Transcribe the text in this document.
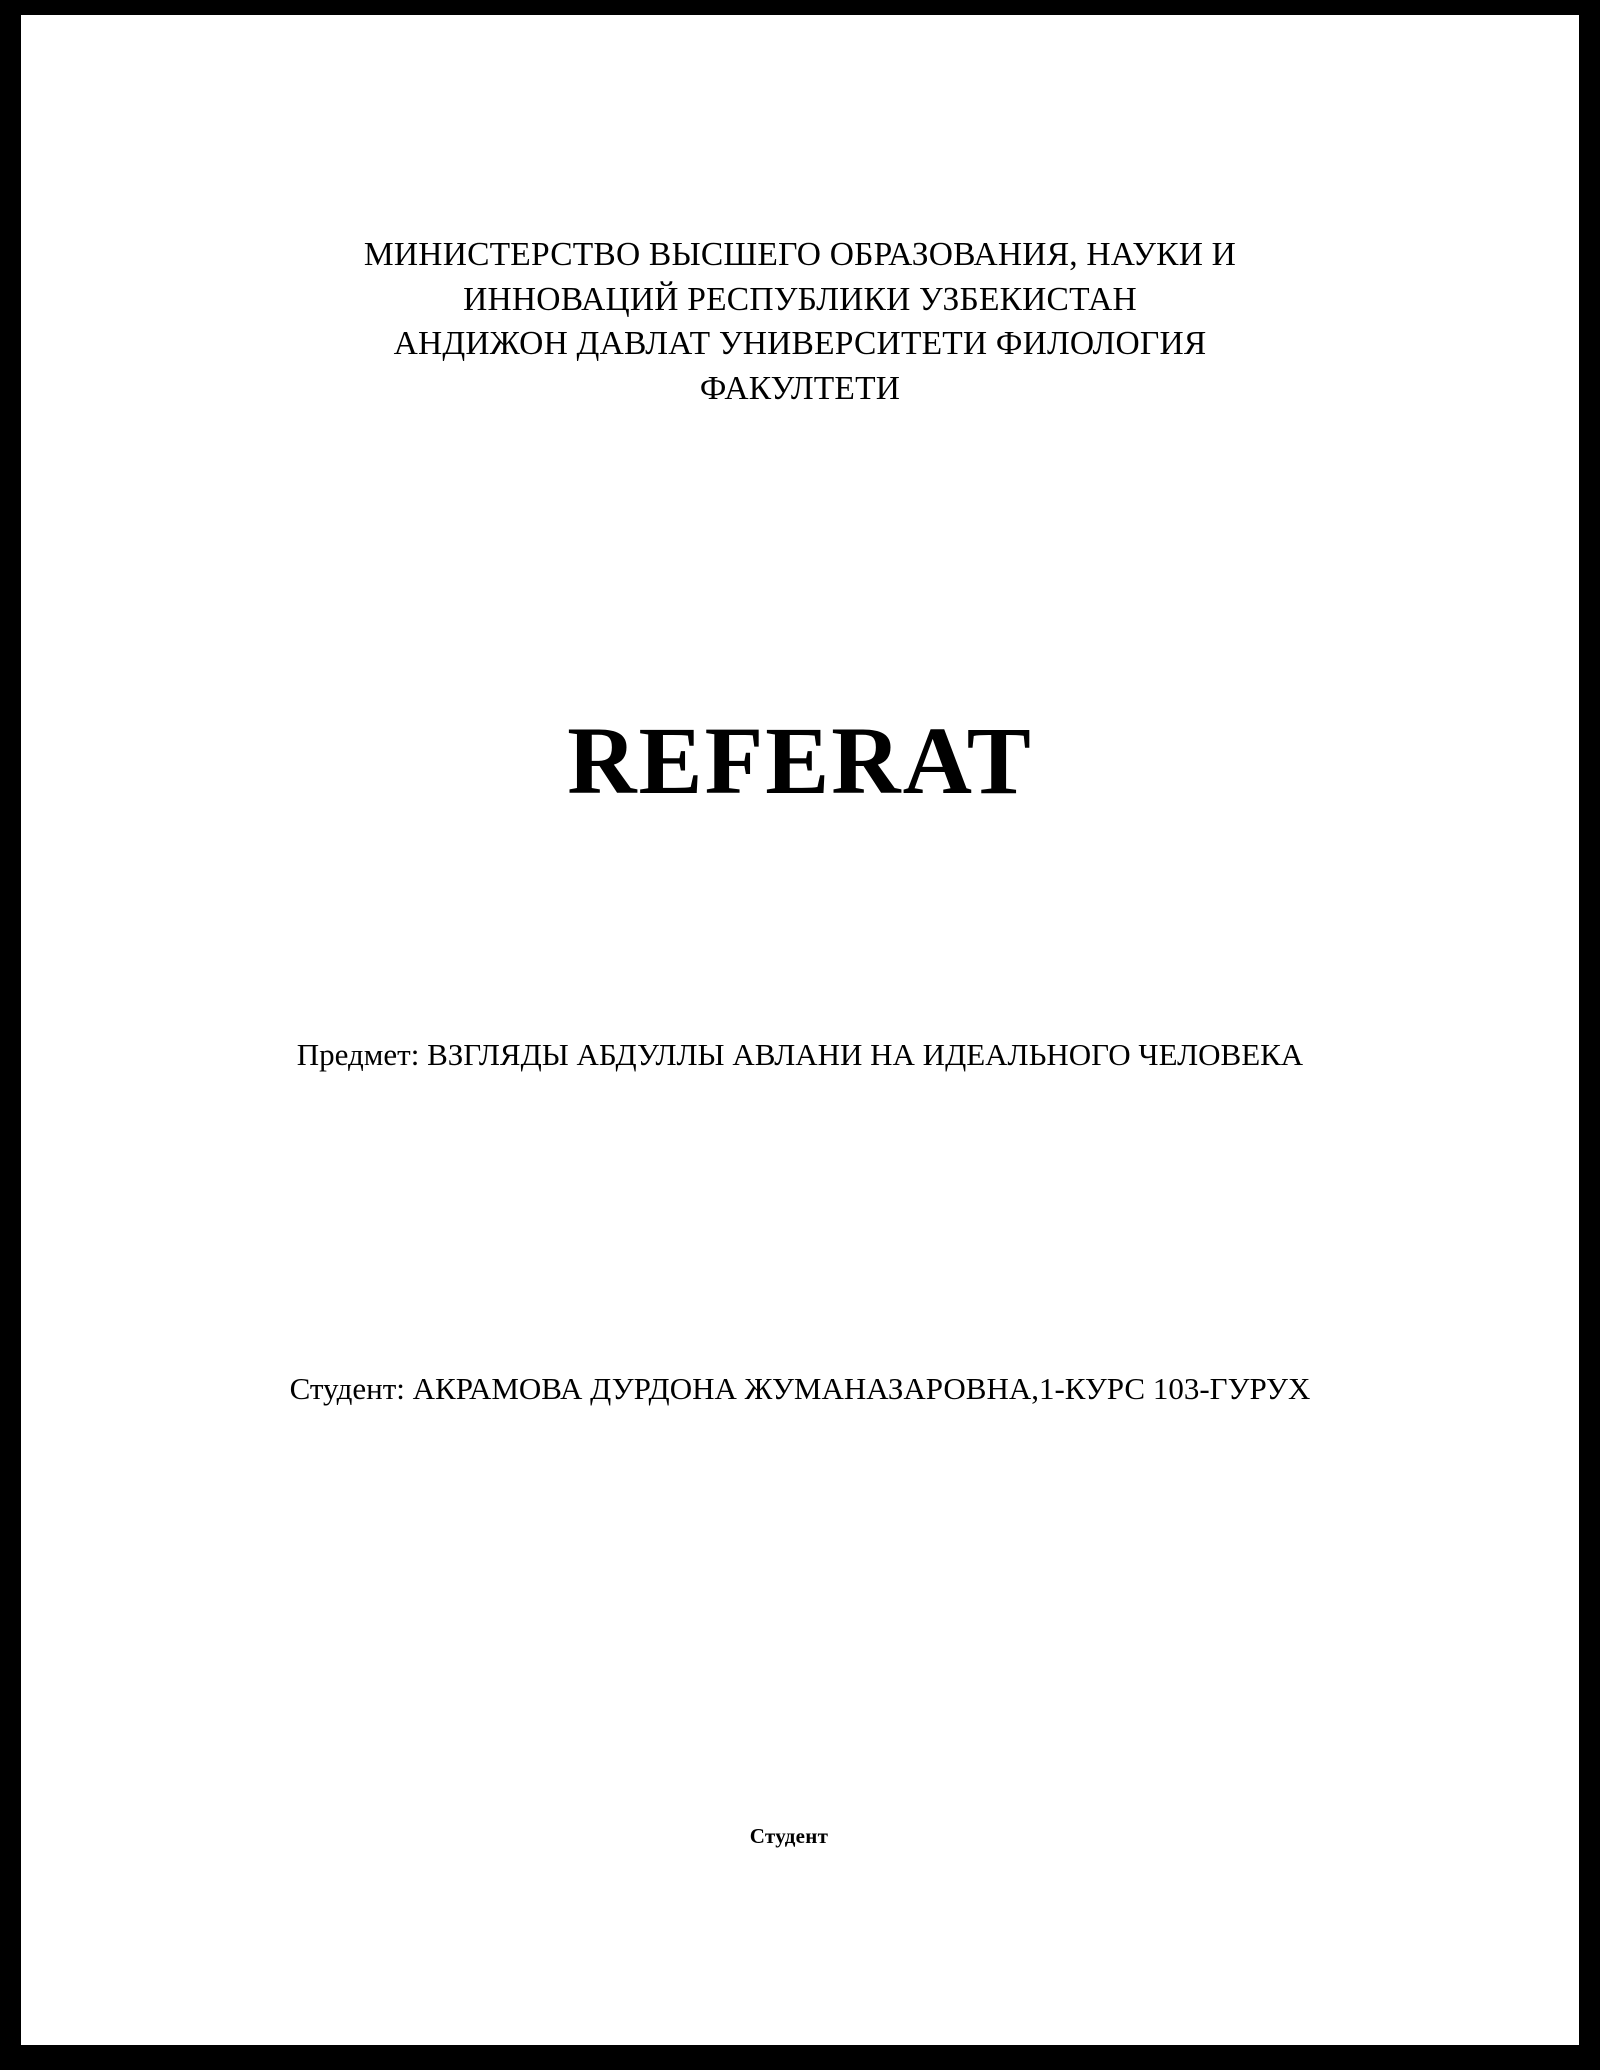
МИНИСТЕРСТВО ВЫСШЕГО ОБРАЗОВАНИЯ, НАУКИ И
ИННОВАЦИЙ РЕСПУБЛИКИ УЗБЕКИСТАН
АНДИЖОН ДАВЛАТ УНИВЕРСИТЕТИ ФИЛОЛОГИЯ
ФАКУЛТЕТИ
REFERAT
Предмет: ВЗГЛЯДЫ АБДУЛЛЫ АВЛАНИ НА ИДЕАЛЬНОГО ЧЕЛОВЕКА
Студент: АКРАМОВА ДУРДОНА ЖУМАНАЗАРОВНА,1-КУРС 103-ГУРУХ
Студент
